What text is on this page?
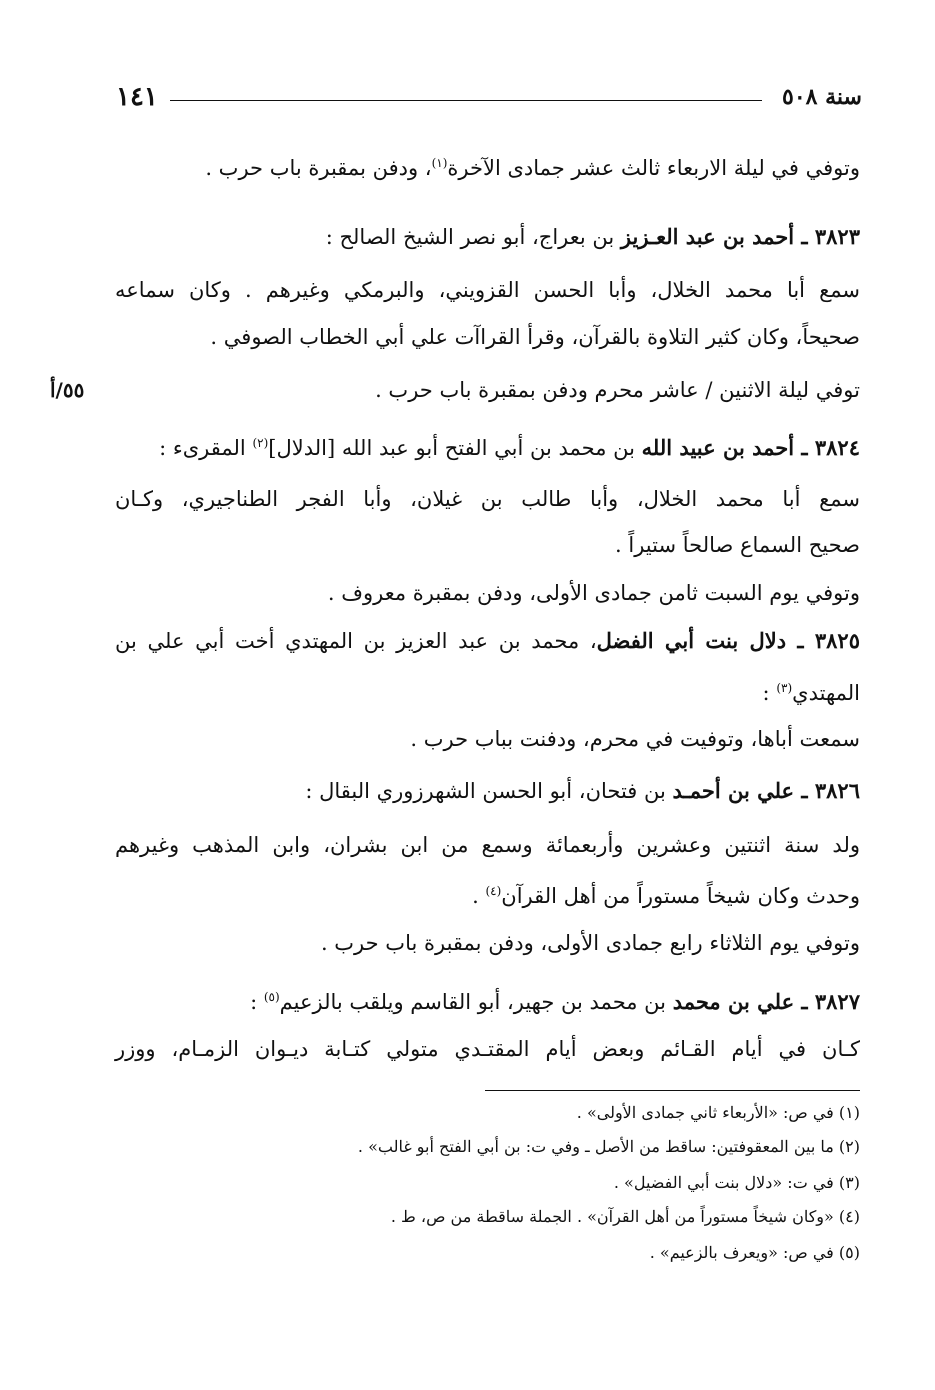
١٤١	سنة ٥٠٨
٥٥/أ
وتوفي في ليلة الاربعاء ثالث عشر جمادى الآخرة$^{(١)}$، ودفن بمقبرة باب حرب .
٣٨٢٣ ـ أحمد بن عبد العـزيز بن بعراج، أبو نصر الشيخ الصالح :
سمع أبا محمد الخلال، وأبا الحسن القزويني، والبرمكي وغيرهم . وكان سماعه
صحيحاً، وكان كثير التلاوة بالقرآن، وقرأ القراآت علي أبي الخطاب الصوفي .
توفي ليلة الاثنين / عاشر محرم ودفن بمقبرة باب حرب .
٣٨٢٤ ـ أحمد بن عبيد الله بن محمد بن أبي الفتح أبو عبد الله [الدلال]$^{(٢)}$ المقرىء :
سمع أبا محمد الخلال، وأبا طالب بن غيلان، وأبا الفجر الطناجيري، وكـان
صحيح السماع صالحاً ستيراً .
وتوفي يوم السبت ثامن جمادى الأولى، ودفن بمقبرة معروف .
٣٨٢٥ ـ دلال بنت أبي الفضل، محمد بن عبد العزيز بن المهتدي أخت أبي علي بن
المهتدي$^{(٣)}$ :
سمعت أباها، وتوفيت في محرم، ودفنت بباب حرب .
٣٨٢٦ ـ علي بن أحمـد بن فتحان، أبو الحسن الشهرزوري البقال :
ولد سنة اثنتين وعشرين وأربعمائة وسمع من ابن بشران، وابن المذهب وغيرهم
وحدث وكان شيخاً مستوراً من أهل القرآن$^{(٤)}$ .
وتوفي يوم الثلاثاء رابع جمادى الأولى، ودفن بمقبرة باب حرب .
٣٨٢٧ ـ علي بن محمد بن محمد بن جهير، أبو القاسم ويلقب بالزعيم$^{(٥)}$ :
كـان في أيام القـائم وبعض أيام المقتـدي متولي كتـابة ديـوان الزمـام، ووزر
(١) في ص: «الأربعاء ثاني جمادى الأولى» .
(٢) ما بين المعقوفتين: ساقط من الأصل ـ وفي ت: بن أبي الفتح أبو غالب» .
(٣) في ت: «دلال بنت أبي الفضيل» .
(٤) «وكان شيخاً مستوراً من أهل القرآن» . الجملة ساقطة من ص، ط .
(٥) في ص: «ويعرف بالزعيم» .
